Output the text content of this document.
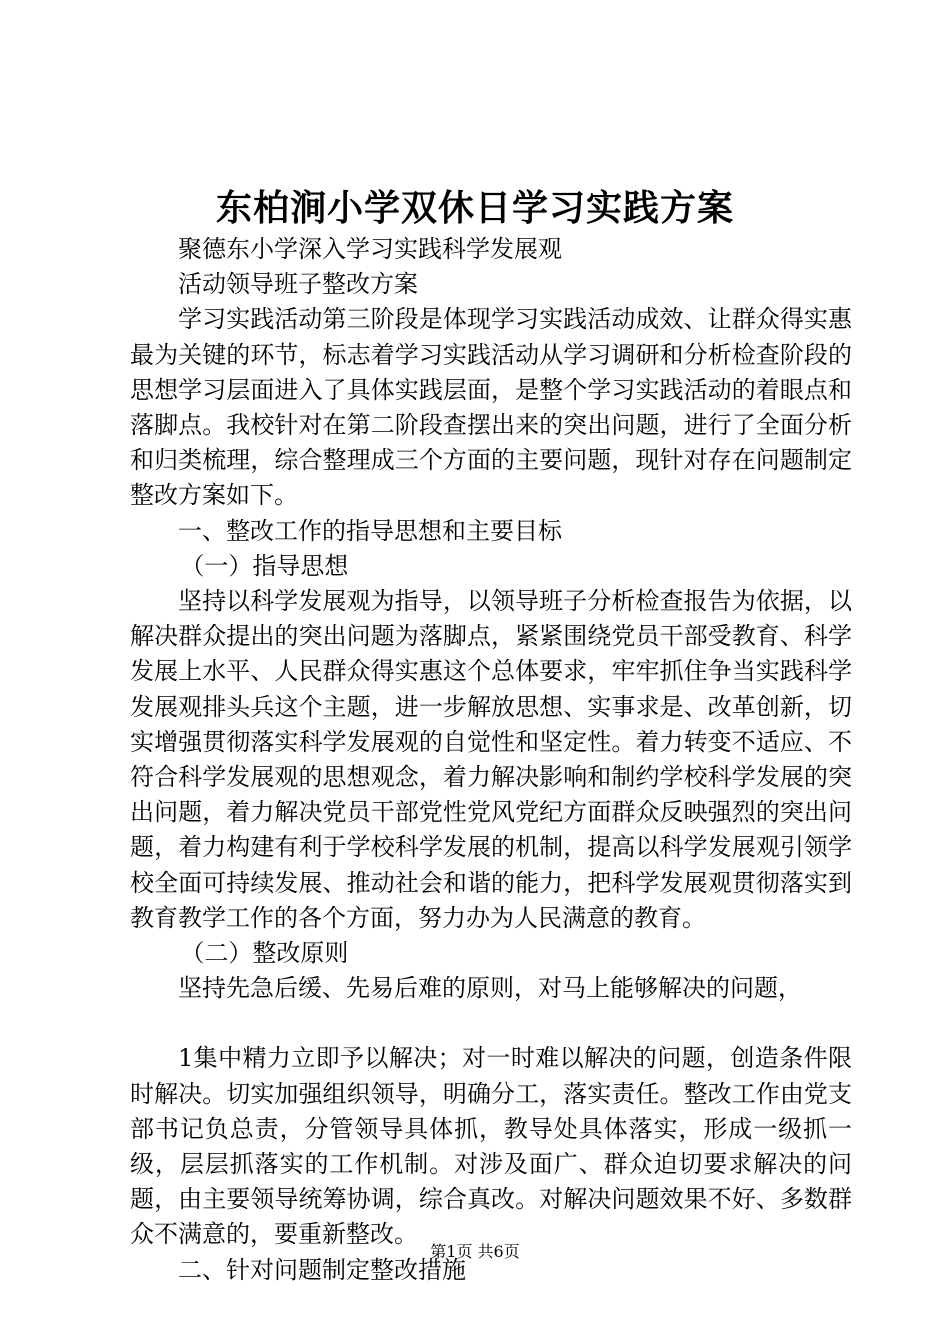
东柏涧小学双休日学习实践方案

聚德东小学深入学习实践科学发展观

活动领导班子整改方案

学习实践活动第三阶段是体现学习实践活动成效、让群众得实惠最为关键的环节，标志着学习实践活动从学习调研和分析检查阶段的思想学习层面进入了具体实践层面，是整个学习实践活动的着眼点和落脚点。我校针对在第二阶段查摆出来的突出问题，进行了全面分析和归类梳理，综合整理成三个方面的主要问题，现针对存在问题制定整改方案如下。

一、整改工作的指导思想和主要目标

（一）指导思想

坚持以科学发展观为指导，以领导班子分析检查报告为依据，以解决群众提出的突出问题为落脚点，紧紧围绕党员干部受教育、科学发展上水平、人民群众得实惠这个总体要求，牢牢抓住争当实践科学发展观排头兵这个主题，进一步解放思想、实事求是、改革创新，切实增强贯彻落实科学发展观的自觉性和坚定性。着力转变不适应、不符合科学发展观的思想观念，着力解决影响和制约学校科学发展的突出问题，着力解决党员干部党性党风党纪方面群众反映强烈的突出问题，着力构建有利于学校科学发展的机制，提高以科学发展观引领学校全面可持续发展、推动社会和谐的能力，把科学发展观贯彻落实到教育教学工作的各个方面，努力办为人民满意的教育。

（二）整改原则

坚持先急后缓、先易后难的原则，对马上能够解决的问题，

1集中精力立即予以解决；对一时难以解决的问题，创造条件限时解决。切实加强组织领导，明确分工，落实责任。整改工作由党支部书记负总责，分管领导具体抓，教导处具体落实，形成一级抓一级，层层抓落实的工作机制。对涉及面广、群众迫切要求解决的问题，由主要领导统筹协调，综合真改。对解决问题效果不好、多数群众不满意的，要重新整改。

二、针对问题制定整改措施

第1页 共6页
